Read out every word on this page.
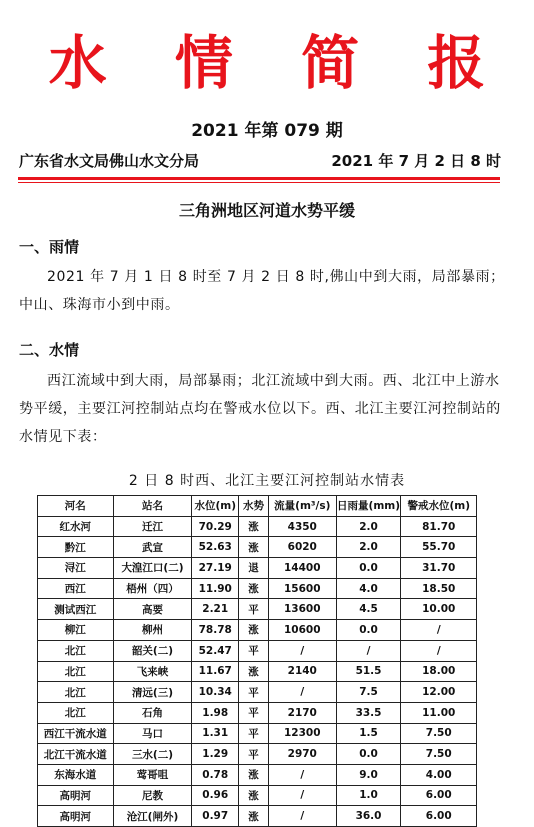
水 情 简 报
2021 年第 079 期
广东省水文局佛山水文分局	2021 年 7 月 2 日 8 时
三角洲地区河道水势平缓
一、雨情
2021 年 7 月 1 日 8 时至 7 月 2 日 8 时,佛山中到大雨，局部暴雨；中山、珠海市小到中雨。
二、水情
西江流域中到大雨，局部暴雨；北江流域中到大雨。西、北江中上游水势平缓，主要江河控制站点均在警戒水位以下。西、北江主要江河控制站的水情见下表：
2 日 8 时西、北江主要江河控制站水情表
河名	站名	水位(m)	水势	流量(m³/s)	日雨量(mm)	警戒水位(m)
红水河	迁江	70.29	涨	4350	2.0	81.70
黔江	武宣	52.63	涨	6020	2.0	55.70
浔江	大湟江口(二)	27.19	退	14400	0.0	31.70
西江	梧州（四）	11.90	涨	15600	4.0	18.50
测试西江	高要	2.21	平	13600	4.5	10.00
柳江	柳州	78.78	涨	10600	0.0	/
北江	韶关(二)	52.47	平	/	/	/
北江	飞来峡	11.67	涨	2140	51.5	18.00
北江	清远(三)	10.34	平	/	7.5	12.00
北江	石角	1.98	平	2170	33.5	11.00
西江干流水道	马口	1.31	平	12300	1.5	7.50
北江干流水道	三水(二)	1.29	平	2970	0.0	7.50
东海水道	莺哥咀	0.78	涨	/	9.0	4.00
高明河	尼教	0.96	涨	/	1.0	6.00
高明河	沧江(闸外)	0.97	涨	/	36.0	6.00
